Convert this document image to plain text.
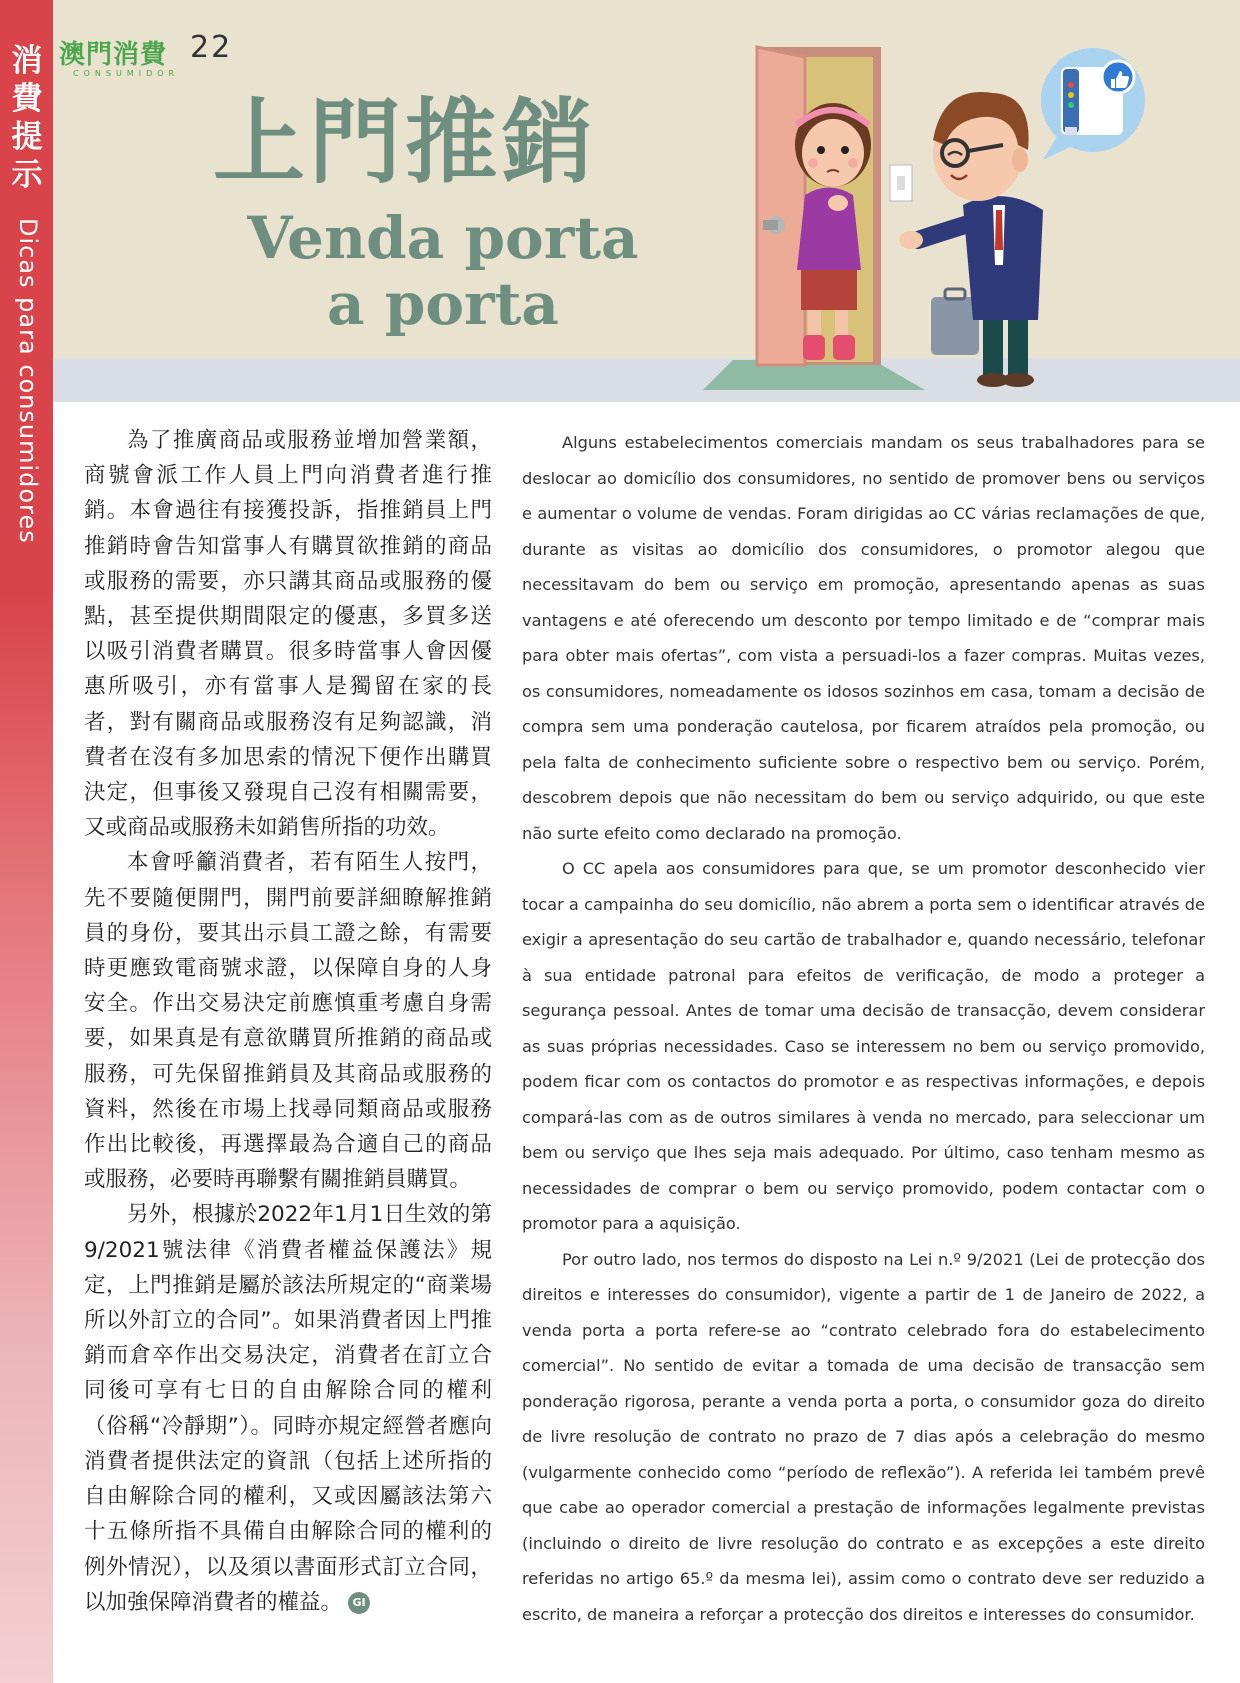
消
費
提
示
Dicas para consumidores
澳門消費
CONSUMIDOR
22
上門推銷
Venda porta
a porta

為了推廣商品或服務並增加營業額，商號會派工作人員上門向消費者進行推銷。本會過往有接獲投訴，指推銷員上門推銷時會告知當事人有購買欲推銷的商品或服務的需要，亦只講其商品或服務的優點，甚至提供期間限定的優惠，多買多送以吸引消費者購買。很多時當事人會因優惠所吸引，亦有當事人是獨留在家的長者，對有關商品或服務沒有足夠認識，消費者在沒有多加思索的情況下便作出購買決定，但事後又發現自己沒有相關需要，又或商品或服務未如銷售所指的功效。

本會呼籲消費者，若有陌生人按門，先不要隨便開門，開門前要詳細瞭解推銷員的身份，要其出示員工證之餘，有需要時更應致電商號求證，以保障自身的人身安全。作出交易決定前應慎重考慮自身需要，如果真是有意欲購買所推銷的商品或服務，可先保留推銷員及其商品或服務的資料，然後在市場上找尋同類商品或服務作出比較後，再選擇最為合適自己的商品或服務，必要時再聯繫有關推銷員購買。

另外，根據於2022年1月1日生效的第9/2021號法律《消費者權益保護法》規定，上門推銷是屬於該法所規定的“商業場所以外訂立的合同”。如果消費者因上門推銷而倉卒作出交易決定，消費者在訂立合同後可享有七日的自由解除合同的權利（俗稱“冷靜期”）。同時亦規定經營者應向消費者提供法定的資訊（包括上述所指的自由解除合同的權利，又或因屬該法第六十五條所指不具備自由解除合同的權利的例外情況），以及須以書面形式訂立合同，以加強保障消費者的權益。 GI

Alguns estabelecimentos comerciais mandam os seus trabalhadores para se deslocar ao domicílio dos consumidores, no sentido de promover bens ou serviços e aumentar o volume de vendas. Foram dirigidas ao CC várias reclamações de que, durante as visitas ao domicílio dos consumidores, o promotor alegou que necessitavam do bem ou serviço em promoção, apresentando apenas as suas vantagens e até oferecendo um desconto por tempo limitado e de “comprar mais para obter mais ofertas”, com vista a persuadi-los a fazer compras. Muitas vezes, os consumidores, nomeadamente os idosos sozinhos em casa, tomam a decisão de compra sem uma ponderação cautelosa, por ficarem atraídos pela promoção, ou pela falta de conhecimento suficiente sobre o respectivo bem ou serviço. Porém, descobrem depois que não necessitam do bem ou serviço adquirido, ou que este não surte efeito como declarado na promoção.

O CC apela aos consumidores para que, se um promotor desconhecido vier tocar a campainha do seu domicílio, não abrem a porta sem o identificar através de exigir a apresentação do seu cartão de trabalhador e, quando necessário, telefonar à sua entidade patronal para efeitos de verificação, de modo a proteger a segurança pessoal. Antes de tomar uma decisão de transacção, devem considerar as suas próprias necessidades. Caso se interessem no bem ou serviço promovido, podem ficar com os contactos do promotor e as respectivas informações, e depois compará-las com as de outros similares à venda no mercado, para seleccionar um bem ou serviço que lhes seja mais adequado. Por último, caso tenham mesmo as necessidades de comprar o bem ou serviço promovido, podem contactar com o promotor para a aquisição.

Por outro lado, nos termos do disposto na Lei n.º 9/2021 (Lei de protecção dos direitos e interesses do consumidor), vigente a partir de 1 de Janeiro de 2022, a venda porta a porta refere-se ao “contrato celebrado fora do estabelecimento comercial”. No sentido de evitar a tomada de uma decisão de transacção sem ponderação rigorosa, perante a venda porta a porta, o consumidor goza do direito de livre resolução de contrato no prazo de 7 dias após a celebração do mesmo (vulgarmente conhecido como “período de reflexão”). A referida lei também prevê que cabe ao operador comercial a prestação de informações legalmente previstas (incluindo o direito de livre resolução do contrato e as excepções a este direito referidas no artigo 65.º da mesma lei), assim como o contrato deve ser reduzido a escrito, de maneira a reforçar a protecção dos direitos e interesses do consumidor.
